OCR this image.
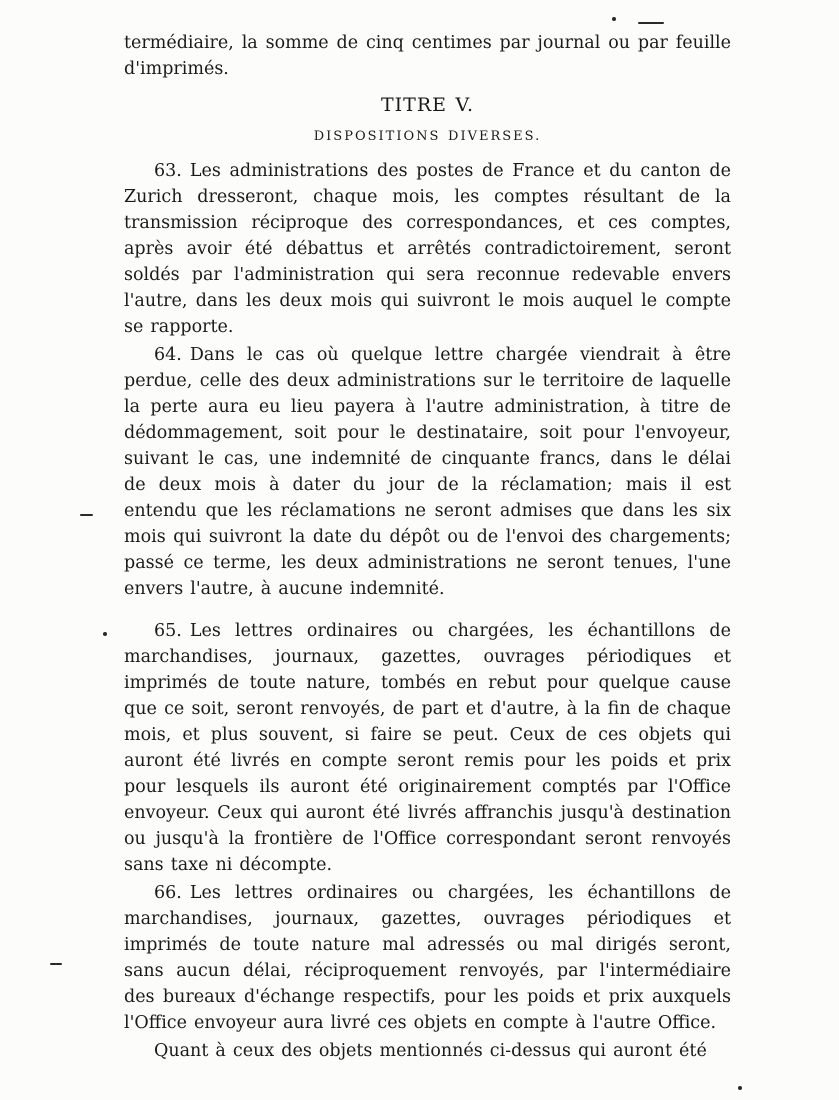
termédiaire, la somme de cinq centimes par journal ou par feuille d'imprimés.

TITRE V.

DISPOSITIONS DIVERSES.

63. Les administrations des postes de France et du canton de Zurich dresseront, chaque mois, les comptes résultant de la transmission réciproque des correspondances, et ces comptes, après avoir été débattus et arrêtés contradictoirement, seront soldés par l'administration qui sera reconnue redevable envers l'autre, dans les deux mois qui suivront le mois auquel le compte se rapporte.

64. Dans le cas où quelque lettre chargée viendrait à être perdue, celle des deux administrations sur le territoire de laquelle la perte aura eu lieu payera à l'autre administration, à titre de dédommagement, soit pour le destinataire, soit pour l'envoyeur, suivant le cas, une indemnité de cinquante francs, dans le délai de deux mois à dater du jour de la réclamation; mais il est entendu que les réclamations ne seront admises que dans les six mois qui suivront la date du dépôt ou de l'envoi des chargements; passé ce terme, les deux administrations ne seront tenues, l'une envers l'autre, à aucune indemnité.

65. Les lettres ordinaires ou chargées, les échantillons de marchandises, journaux, gazettes, ouvrages périodiques et imprimés de toute nature, tombés en rebut pour quelque cause que ce soit, seront renvoyés, de part et d'autre, à la fin de chaque mois, et plus souvent, si faire se peut. Ceux de ces objets qui auront été livrés en compte seront remis pour les poids et prix pour lesquels ils auront été originairement comptés par l'Office envoyeur. Ceux qui auront été livrés affranchis jusqu'à destination ou jusqu'à la frontière de l'Office correspondant seront renvoyés sans taxe ni décompte.

66. Les lettres ordinaires ou chargées, les échantillons de marchandises, journaux, gazettes, ouvrages périodiques et imprimés de toute nature mal adressés ou mal dirigés seront, sans aucun délai, réciproquement renvoyés, par l'intermédiaire des bureaux d'échange respectifs, pour les poids et prix auxquels l'Office envoyeur aura livré ces objets en compte à l'autre Office.

Quant à ceux des objets mentionnés ci-dessus qui auront été
